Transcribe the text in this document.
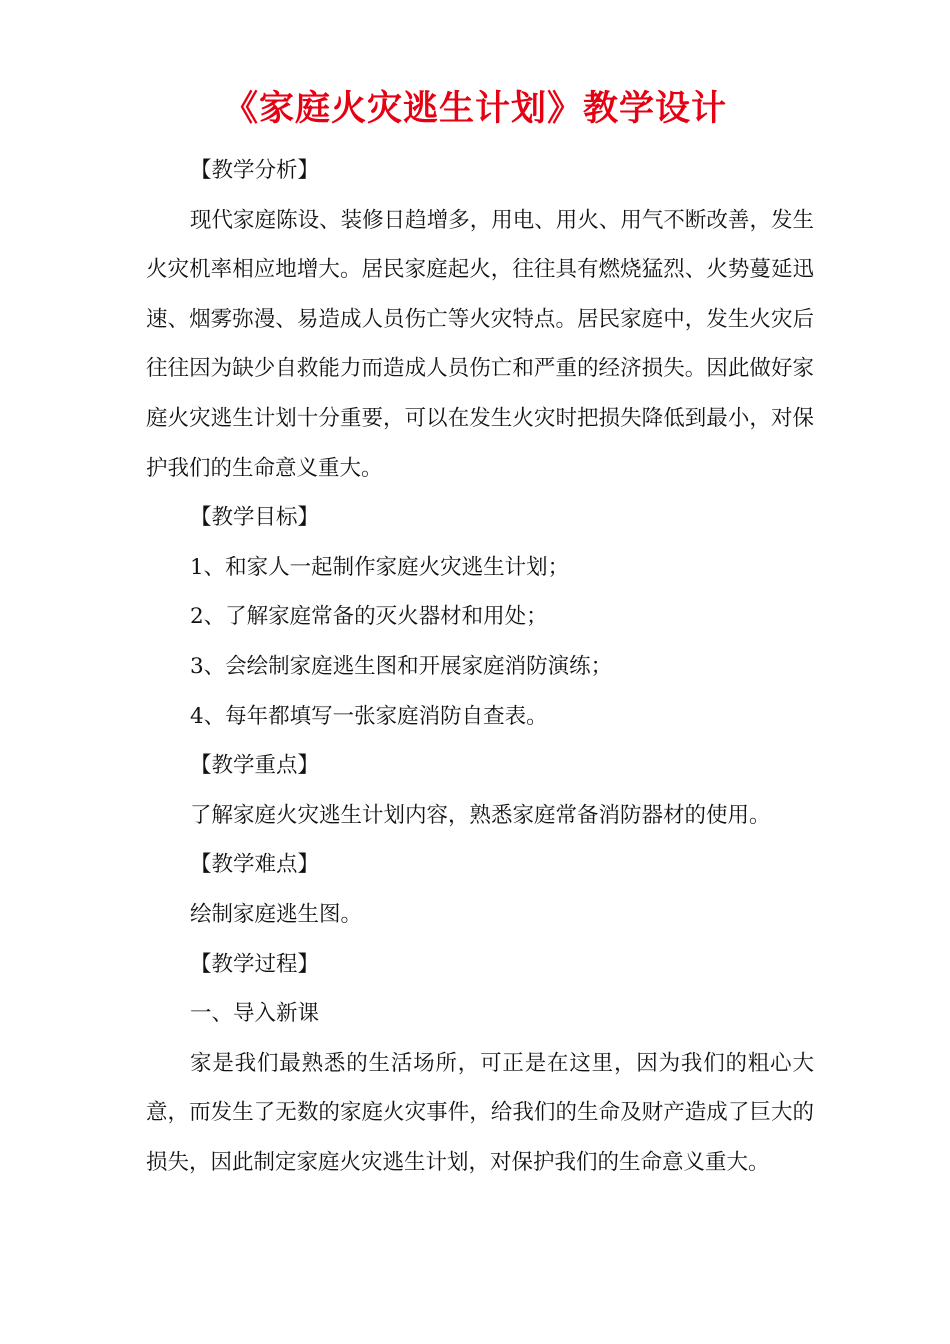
《家庭火灾逃生计划》教学设计

【教学分析】

现代家庭陈设、装修日趋增多，用电、用火、用气不断改善，发生火灾机率相应地增大。居民家庭起火，往往具有燃烧猛烈、火势蔓延迅速、烟雾弥漫、易造成人员伤亡等火灾特点。居民家庭中，发生火灾后往往因为缺少自救能力而造成人员伤亡和严重的经济损失。因此做好家庭火灾逃生计划十分重要，可以在发生火灾时把损失降低到最小，对保护我们的生命意义重大。

【教学目标】

1、和家人一起制作家庭火灾逃生计划；

2、了解家庭常备的灭火器材和用处；

3、会绘制家庭逃生图和开展家庭消防演练；

4、每年都填写一张家庭消防自查表。

【教学重点】

了解家庭火灾逃生计划内容，熟悉家庭常备消防器材的使用。

【教学难点】

绘制家庭逃生图。

【教学过程】

一、导入新课

家是我们最熟悉的生活场所，可正是在这里，因为我们的粗心大意，而发生了无数的家庭火灾事件，给我们的生命及财产造成了巨大的损失，因此制定家庭火灾逃生计划，对保护我们的生命意义重大。
